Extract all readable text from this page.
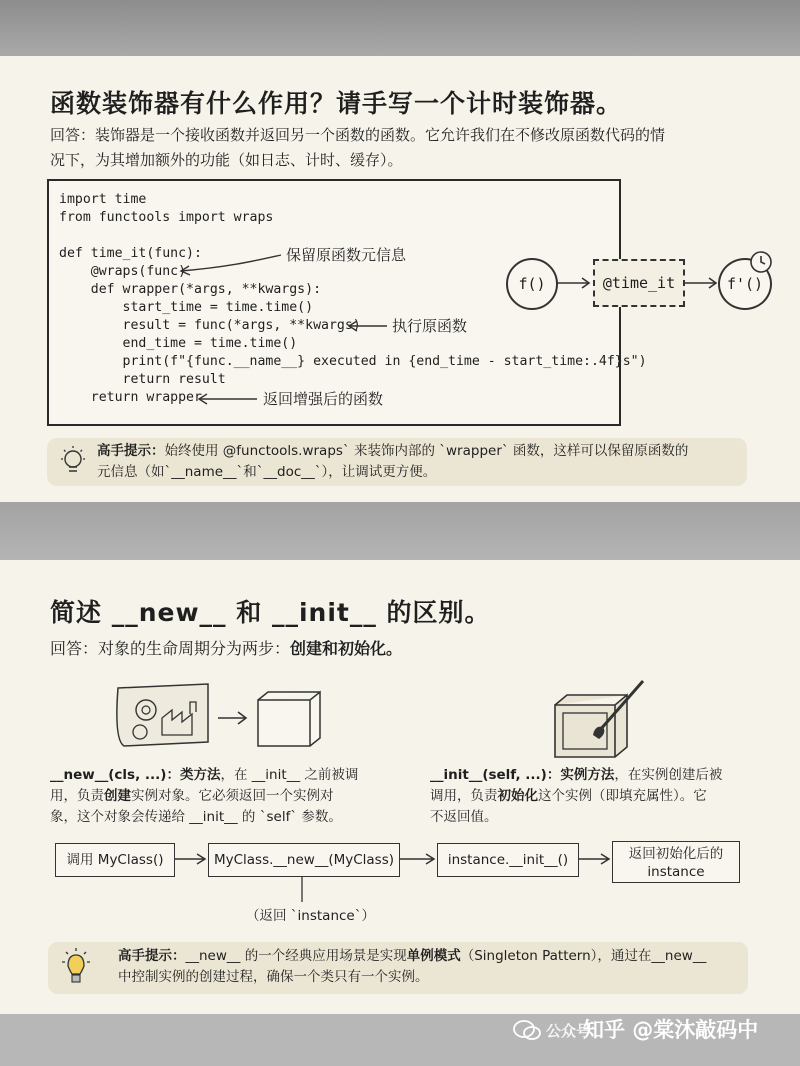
函数装饰器有什么作用？请手写一个计时装饰器。
回答：装饰器是一个接收函数并返回另一个函数的函数。它允许我们在不修改原函数代码的情
况下，为其增加额外的功能（如日志、计时、缓存）。
import time
from functools import wraps
def time_it(func):
@wraps(func)
def wrapper(*args, **kwargs):
start_time = time.time()
result = func(*args, **kwargs)
end_time = time.time()
print(f"{func.__name__} executed in {end_time - start_time:.4f}s")
return result
return wrapper
保留原函数元信息
执行原函数
返回增强后的函数
f()	@time_it	f'()
高手提示：始终使用 @functools.wraps` 来装饰内部的 `wrapper` 函数，这样可以保留原函数的
元信息（如`__name__`和`__doc__`），让调试更方便。
简述 __new__ 和 __init__ 的区别。
回答：对象的生命周期分为两步：创建和初始化。
__new__(cls, ...)：类方法，在 __init__ 之前被调
用，负责创建实例对象。它必须返回一个实例对
象，这个对象会传递给 __init__ 的 `self` 参数。
__init__(self, ...)：实例方法，在实例创建后被
调用，负责初始化这个实例（即填充属性）。它
不返回值。
调用 MyClass()	MyClass.__new__(MyClass)	instance.__init__()	返回初始化后的
instance
（返回 `instance`）
高手提示：__new__ 的一个经典应用场景是实现单例模式（Singleton Pattern），通过在__new__
中控制实例的创建过程，确保一个类只有一个实例。
公众号
知乎 @棠沐敲码中
